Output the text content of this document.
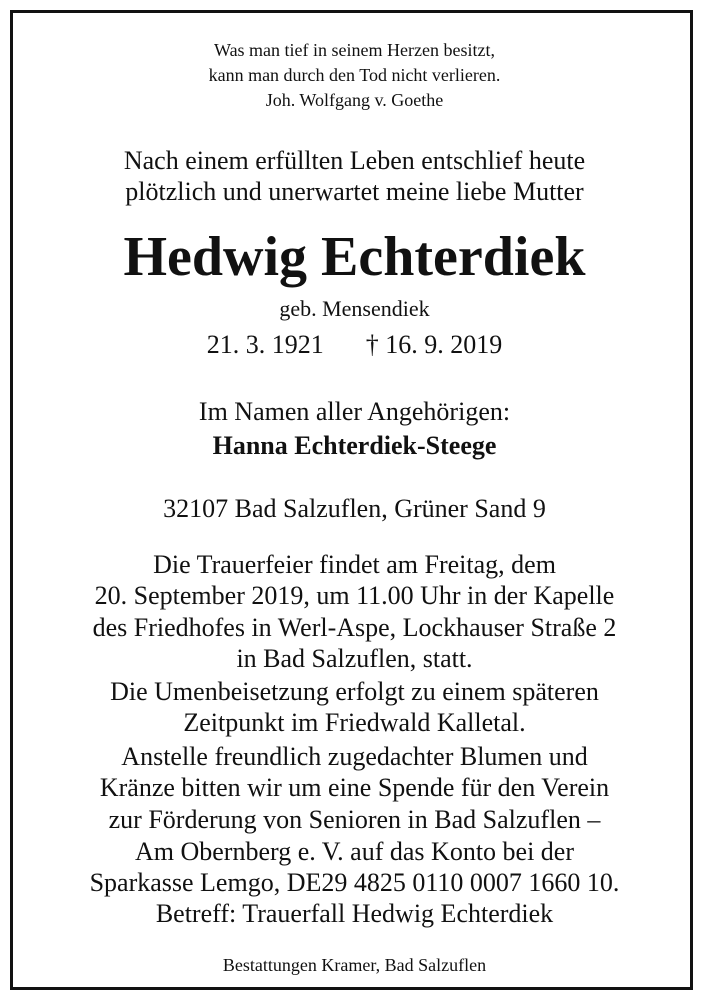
Was man tief in seinem Herzen besitzt,
kann man durch den Tod nicht verlieren.
Joh. Wolfgang v. Goethe
Nach einem erfüllten Leben entschlief heute
plötzlich und unerwartet meine liebe Mutter
Hedwig Echterdiek
geb. Mensendiek
21. 3. 1921 † 16. 9. 2019
Im Namen aller Angehörigen:
Hanna Echterdiek-Steege
32107 Bad Salzuflen, Grüner Sand 9
Die Trauerfeier findet am Freitag, dem
20. September 2019, um 11.00 Uhr in der Kapelle
des Friedhofes in Werl-Aspe, Lockhauser Straße 2
in Bad Salzuflen, statt.
Die Umenbeisetzung erfolgt zu einem späteren
Zeitpunkt im Friedwald Kalletal.
Anstelle freundlich zugedachter Blumen und
Kränze bitten wir um eine Spende für den Verein
zur Förderung von Senioren in Bad Salzuflen –
Am Obernberg e. V. auf das Konto bei der
Sparkasse Lemgo, DE29 4825 0110 0007 1660 10.
Betreff: Trauerfall Hedwig Echterdiek
Bestattungen Kramer, Bad Salzuflen
